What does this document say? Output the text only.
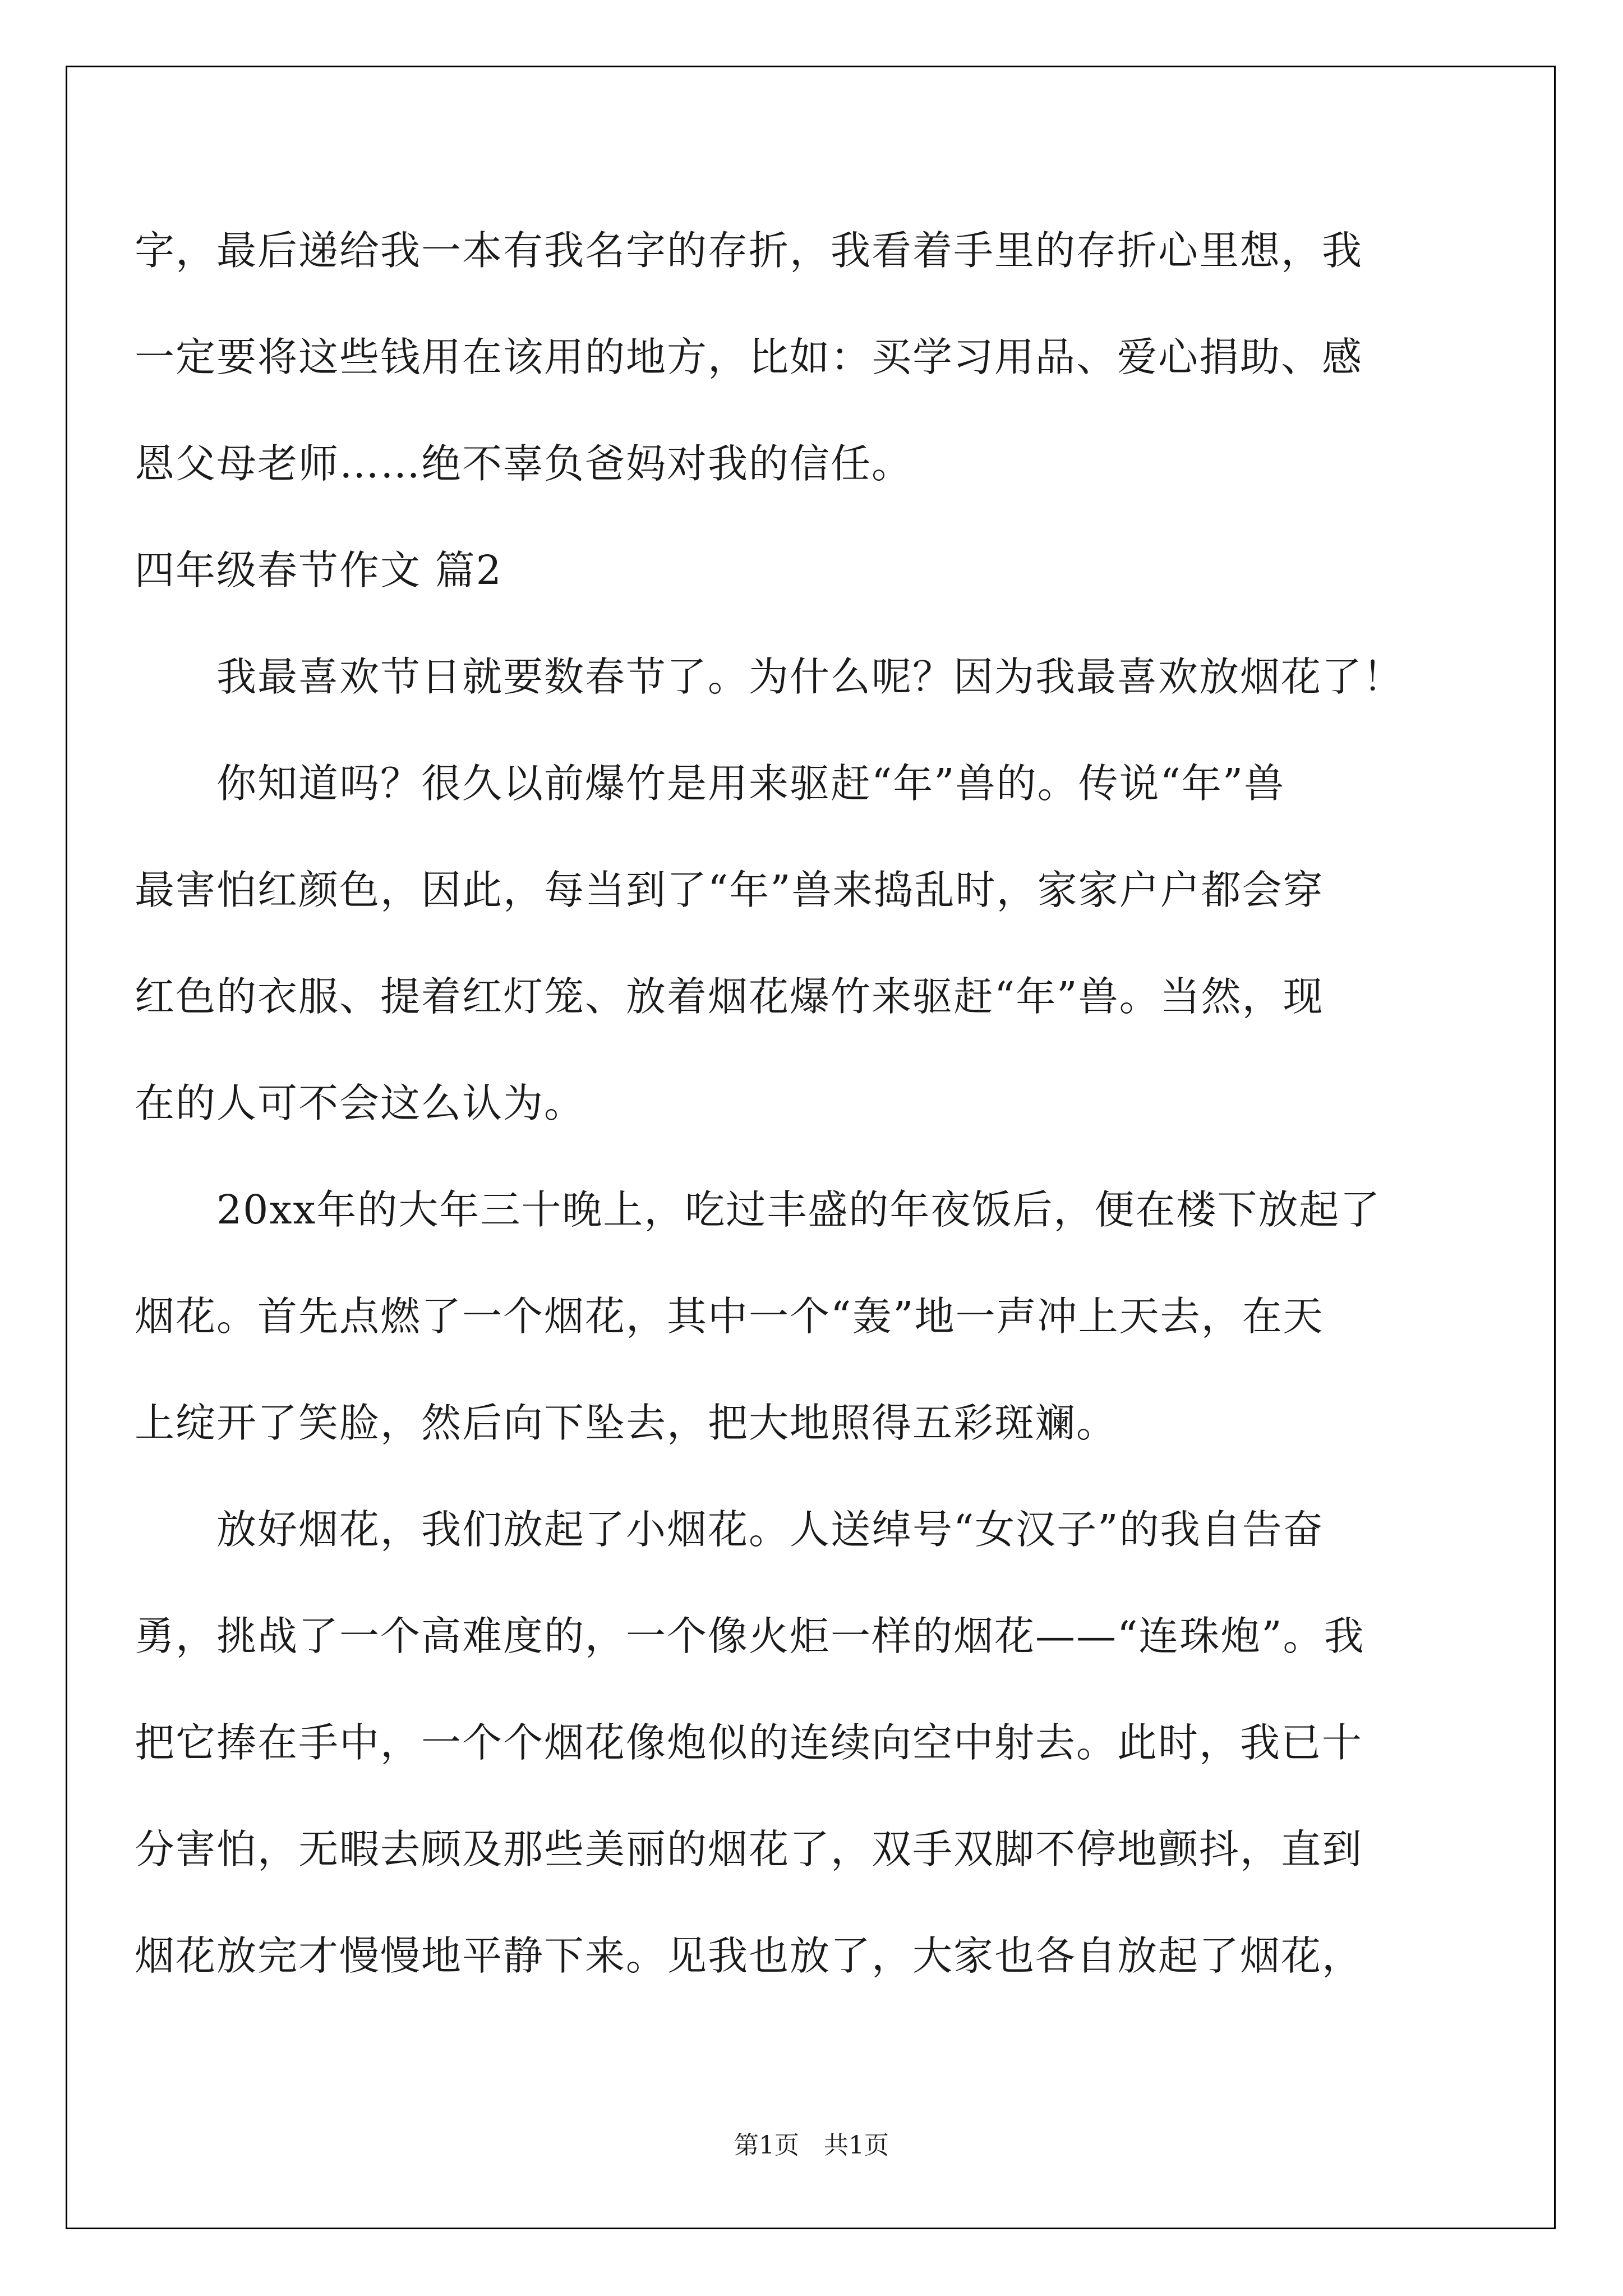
字，最后递给我一本有我名字的存折，我看着手里的存折心里想，我
一定要将这些钱用在该用的地方，比如：买学习用品、爱心捐助、感
恩父母老师……绝不辜负爸妈对我的信任。
四年级春节作文 篇2
我最喜欢节日就要数春节了。为什么呢？因为我最喜欢放烟花了！
你知道吗？很久以前爆竹是用来驱赶“年”兽的。传说“年”兽
最害怕红颜色，因此，每当到了“年”兽来捣乱时，家家户户都会穿
红色的衣服、提着红灯笼、放着烟花爆竹来驱赶“年”兽。当然，现
在的人可不会这么认为。
20xx年的大年三十晚上，吃过丰盛的年夜饭后，便在楼下放起了
烟花。首先点燃了一个烟花，其中一个“轰”地一声冲上天去，在天
上绽开了笑脸，然后向下坠去，把大地照得五彩斑斓。
放好烟花，我们放起了小烟花。人送绰号“女汉子”的我自告奋
勇，挑战了一个高难度的，一个像火炬一样的烟花——“连珠炮”。我
把它捧在手中，一个个烟花像炮似的连续向空中射去。此时，我已十
分害怕，无暇去顾及那些美丽的烟花了，双手双脚不停地颤抖，直到
烟花放完才慢慢地平静下来。见我也放了，大家也各自放起了烟花，
第1页　共1页
